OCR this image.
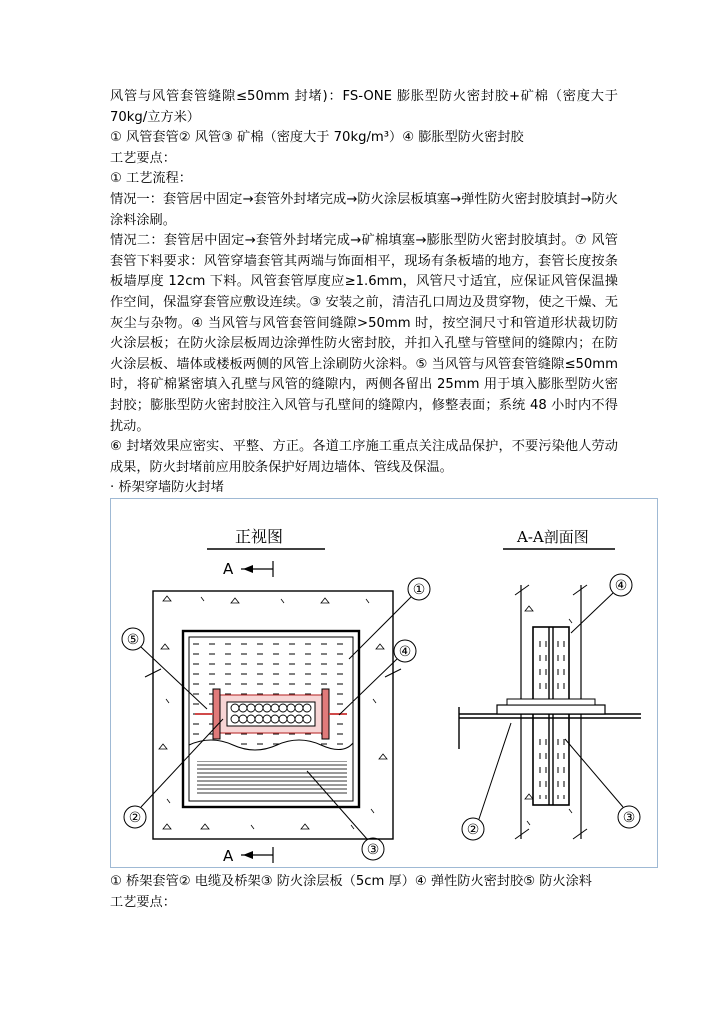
风管与风管套管缝隙≤50mm 封堵)：FS-ONE 膨胀型防火密封胶+矿棉（密度大于 70kg/立方米）

① 风管套管② 风管③ 矿棉（密度大于 70kg/m³）④ 膨胀型防火密封胶

工艺要点：

① 工艺流程：

情况一：套管居中固定→套管外封堵完成→防火涂层板填塞→弹性防火密封胶填封→防火涂料涂刷。

情况二：套管居中固定→套管外封堵完成→矿棉填塞→膨胀型防火密封胶填封。⑦ 风管套管下料要求：风管穿墙套管其两端与饰面相平，现场有条板墙的地方，套管长度按条板墙厚度 12cm 下料。风管套管厚度应≥1.6mm，风管尺寸适宜，应保证风管保温操作空间，保温穿套管应敷设连续。③ 安装之前，清洁孔口周边及贯穿物，使之干燥、无灰尘与杂物。④ 当风管与风管套管间缝隙>50mm 时，按空洞尺寸和管道形状裁切防火涂层板；在防火涂层板周边涂弹性防火密封胶，并扣入孔壁与管壁间的缝隙内；在防火涂层板、墙体或楼板两侧的风管上涂刷防火涂料。⑤ 当风管与风管套管缝隙≤50mm 时，将矿棉紧密填入孔壁与风管的缝隙内，两侧各留出 25mm 用于填入膨胀型防火密封胶；膨胀型防火密封胶注入风管与孔壁间的缝隙内，修整表面；系统 48 小时内不得扰动。

⑥ 封堵效果应密实、平整、方正。各道工序施工重点关注成品保护，不要污染他人劳动成果，防火封堵前应用胶条保护好周边墙体、管线及保温。

· 桥架穿墙防火封堵

正视图
A
①
④
⑤
②
③
A
A-A剖面图
④
②
③

① 桥架套管② 电缆及桥架③ 防火涂层板（5cm 厚）④ 弹性防火密封胶⑤ 防火涂料

工艺要点：
